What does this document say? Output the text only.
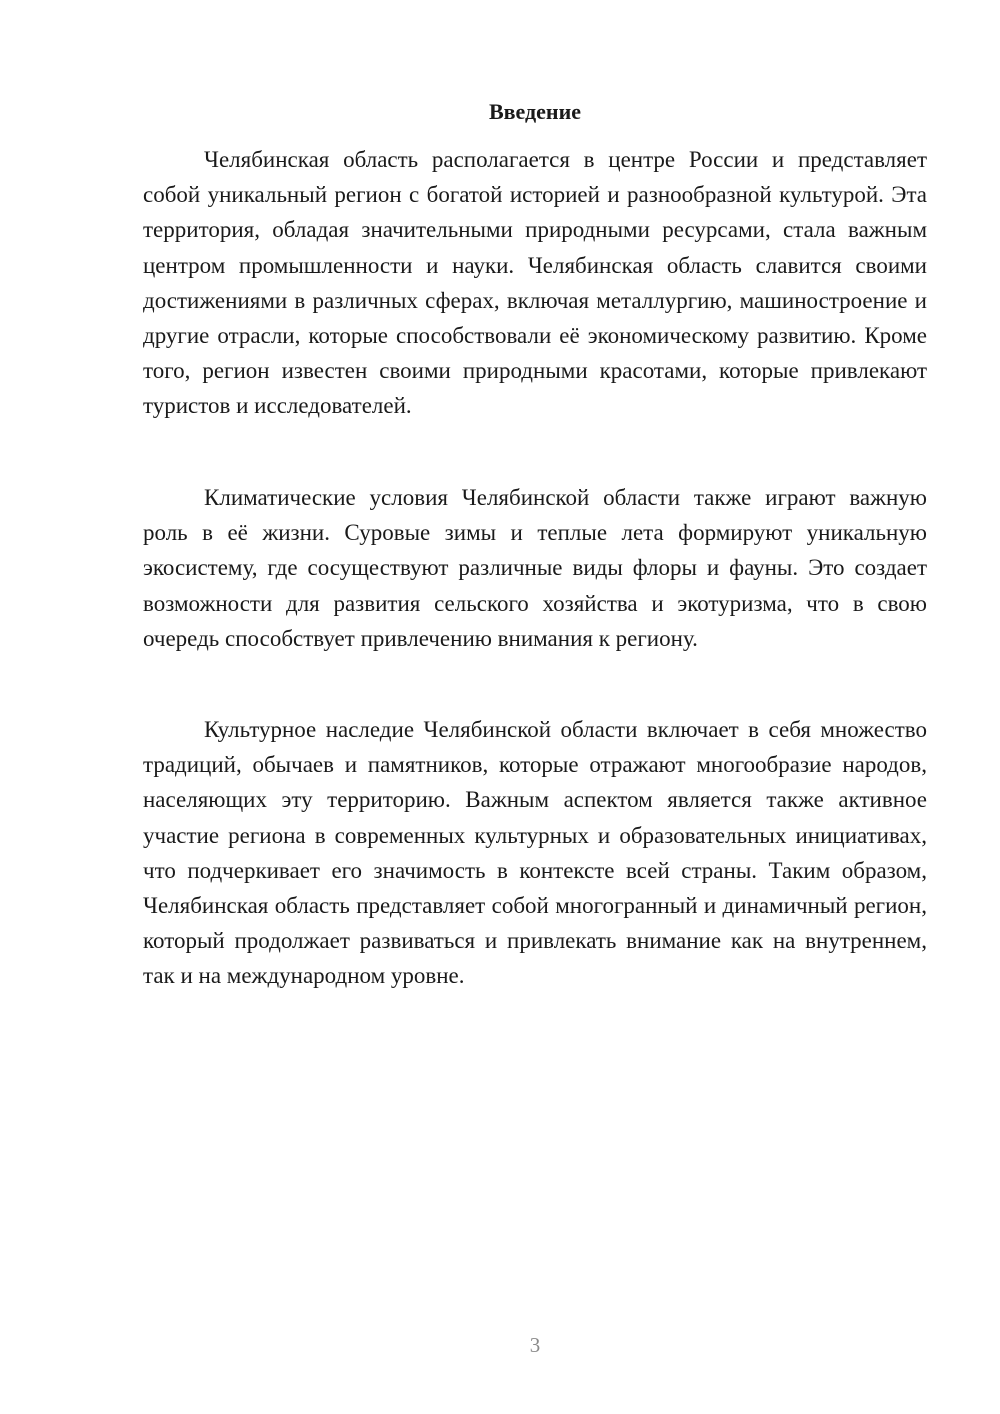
Введение

Челябинская область располагается в центре России и представляет собой уникальный регион с богатой историей и разнообразной культурой. Эта территория, обладая значительными природными ресурсами, стала важным центром промышленности и науки. Челябинская область славится своими достижениями в различных сферах, включая металлургию, машиностроение и другие отрасли, которые способствовали её экономическому развитию. Кроме того, регион известен своими природными красотами, которые привлекают туристов и исследователей.

Климатические условия Челябинской области также играют важную роль в её жизни. Суровые зимы и теплые лета формируют уникальную экосистему, где сосуществуют различные виды флоры и фауны. Это создает возможности для развития сельского хозяйства и экотуризма, что в свою очередь способствует привлечению внимания к региону.

Культурное наследие Челябинской области включает в себя множество традиций, обычаев и памятников, которые отражают многообразие народов, населяющих эту территорию. Важным аспектом является также активное участие региона в современных культурных и образовательных инициативах, что подчеркивает его значимость в контексте всей страны. Таким образом, Челябинская область представляет собой многогранный и динамичный регион, который продолжает развиваться и привлекать внимание как на внутреннем, так и на международном уровне.

3
